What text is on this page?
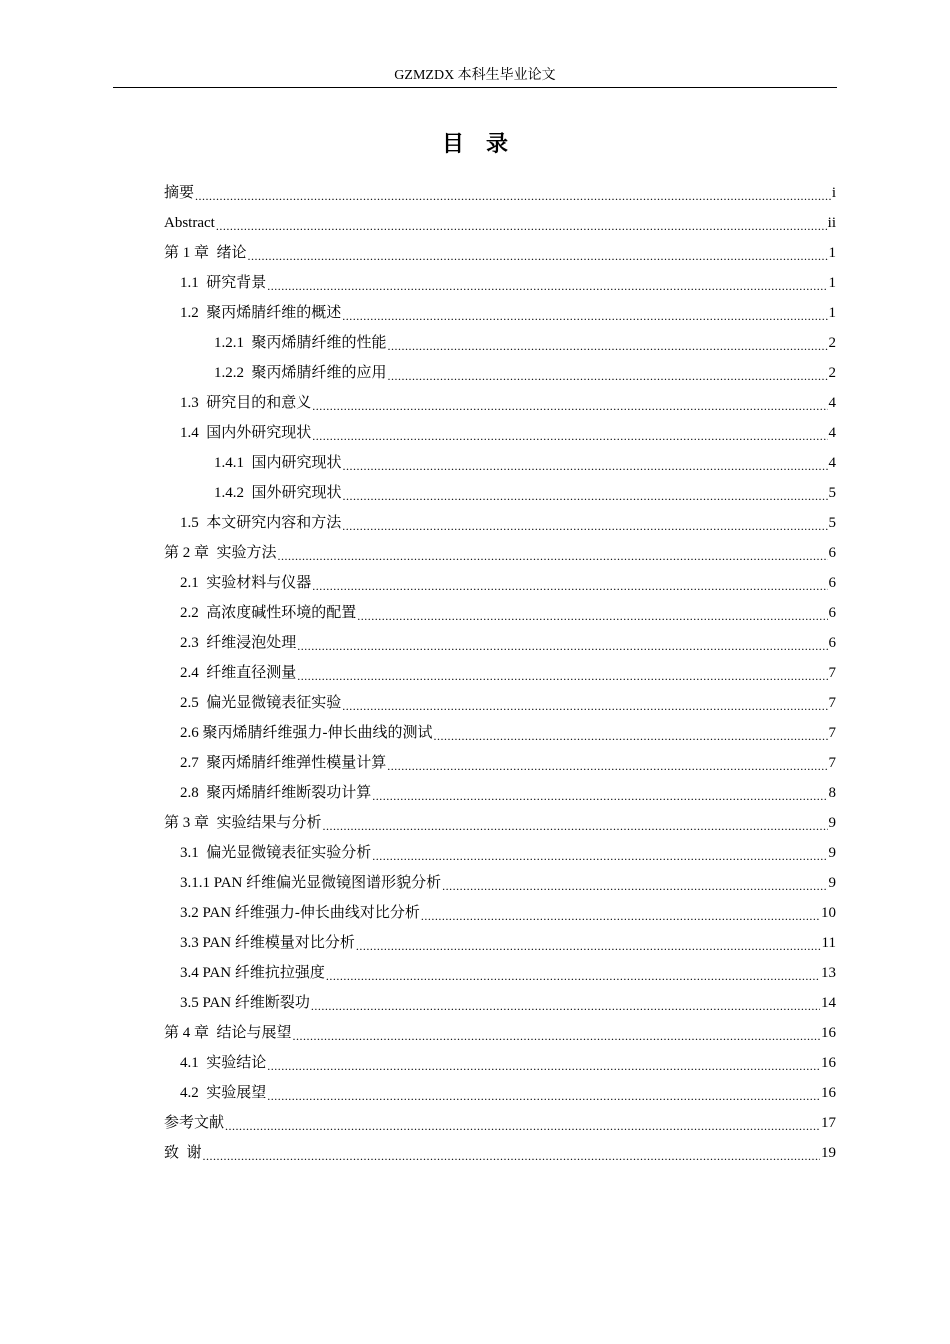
GZMZDX 本科生毕业论文
目录
摘要 .....	i
Abstract .....	ii
第 1 章  绪论 .....	1
1.1  研究背景 .....	1
1.2  聚丙烯腈纤维的概述 .....	1
1.2.1  聚丙烯腈纤维的性能 .....	2
1.2.2  聚丙烯腈纤维的应用 .....	2
1.3  研究目的和意义 .....	4
1.4  国内外研究现状 .....	4
1.4.1  国内研究现状 .....	4
1.4.2  国外研究现状 .....	5
1.5  本文研究内容和方法 .....	5
第 2 章  实验方法 .....	6
2.1  实验材料与仪器 .....	6
2.2  高浓度碱性环境的配置 .....	6
2.3  纤维浸泡处理 .....	6
2.4  纤维直径测量 .....	7
2.5  偏光显微镜表征实验 .....	7
2.6 聚丙烯腈纤维强力-伸长曲线的测试 .....	7
2.7  聚丙烯腈纤维弹性模量计算 .....	7
2.8  聚丙烯腈纤维断裂功计算 .....	8
第 3 章  实验结果与分析 .....	9
3.1  偏光显微镜表征实验分析 .....	9
3.1.1 PAN 纤维偏光显微镜图谱形貌分析 .....	9
3.2 PAN 纤维强力-伸长曲线对比分析 .....	10
3.3 PAN 纤维模量对比分析 .....	11
3.4 PAN 纤维抗拉强度 .....	13
3.5 PAN 纤维断裂功 .....	14
第 4 章  结论与展望 .....	16
4.1  实验结论 .....	16
4.2  实验展望 .....	16
参考文献 .....	17
致  谢 .....	19
